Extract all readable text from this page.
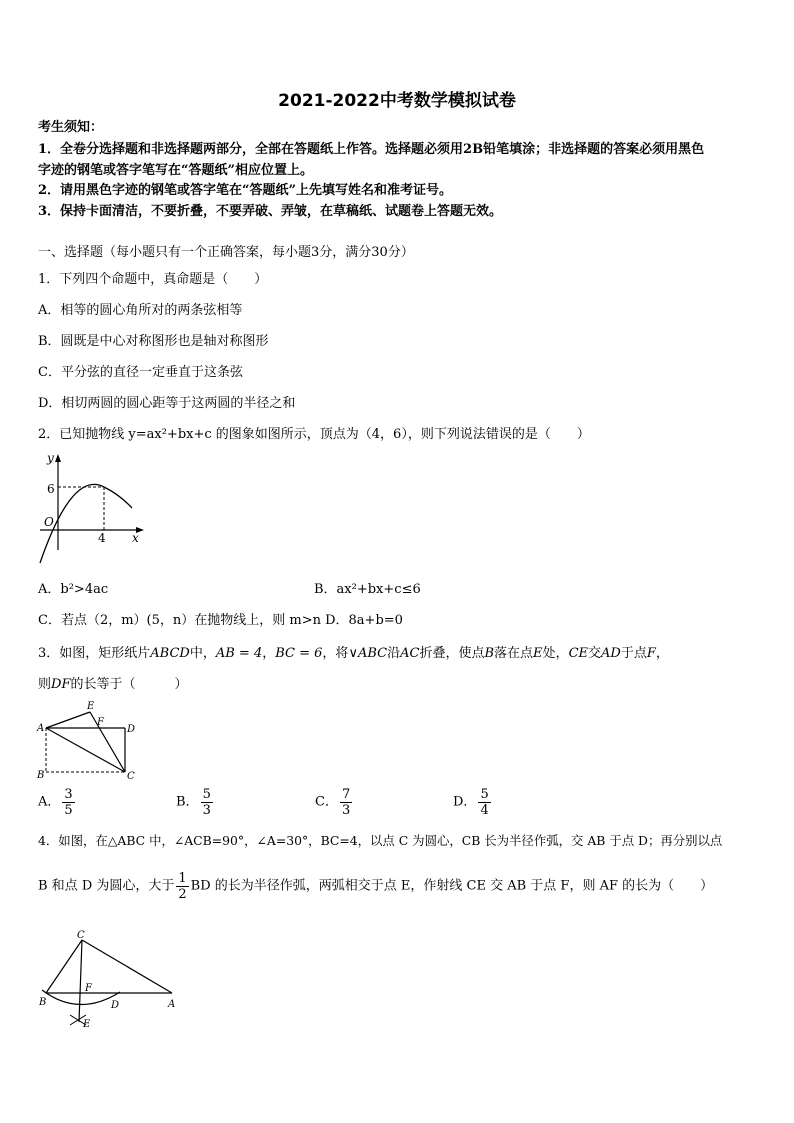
2021-2022中考数学模拟试卷
考生须知：
1．全卷分选择题和非选择题两部分，全部在答题纸上作答。选择题必须用2B铅笔填涂；非选择题的答案必须用黑色
字迹的钢笔或答字笔写在“答题纸”相应位置上。
2．请用黑色字迹的钢笔或答字笔在“答题纸”上先填写姓名和准考证号。
3．保持卡面清洁，不要折叠，不要弄破、弄皱，在草稿纸、试题卷上答题无效。
一、选择题（每小题只有一个正确答案，每小题3分，满分30分）
1．下列四个命题中，真命题是（　　）
A．相等的圆心角所对的两条弦相等
B．圆既是中心对称图形也是轴对称图形
C．平分弦的直径一定垂直于这条弦
D．相切两圆的圆心距等于这两圆的半径之和
2．已知抛物线 y=ax²+bx+c 的图象如图所示，顶点为（4，6），则下列说法错误的是（　　）
y
6
O
4 x
A．b²>4ac	B．ax²+bx+c≤6
C．若点（2，m）(5，n）在抛物线上，则 m>n D．8a+b=0
3．如图，矩形纸片ABCD中，AB = 4，BC = 6，将∨ABC沿AC折叠，使点B落在点E处，CE交AD于点F，
则DF的长等于（　　　）
A
B	C
D
E
F
A． $\frac{3}{5}$	B． $\frac{5}{3}$	C． $\frac{7}{3}$	D． $\frac{5}{4}$
4．如图，在△ABC 中，∠ACB=90°，∠A=30°，BC=4，以点 C 为圆心，CB 长为半径作弧，交 AB 于点 D；再分别以点
B 和点 D 为圆心，大于 $\frac{1}{2}$ BD 的长为半径作弧，两弧相交于点 E，作射线 CE 交 AB 于点 F，则 AF 的长为（　　）
C
B
F
D	A
E
